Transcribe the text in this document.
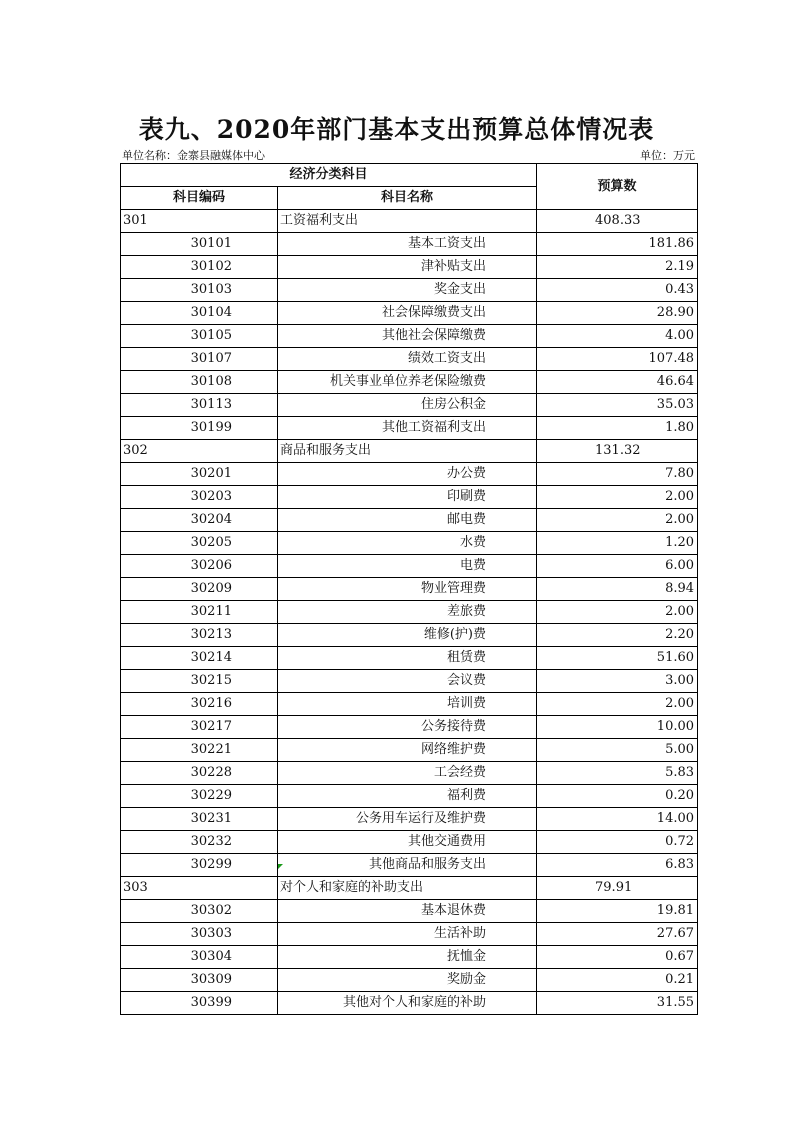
表九、2020年部门基本支出预算总体情况表
单位名称：金寨县融媒体中心	单位：万元
经济分类科目		预算数
科目编码	科目名称	
301	工资福利支出	408.33
30101	基本工资支出	181.86
30102	津补贴支出	2.19
30103	奖金支出	0.43
30104	社会保障缴费支出	28.90
30105	其他社会保障缴费	4.00
30107	绩效工资支出	107.48
30108	机关事业单位养老保险缴费	46.64
30113	住房公积金	35.03
30199	其他工资福利支出	1.80
302	商品和服务支出	131.32
30201	办公费	7.80
30203	印刷费	2.00
30204	邮电费	2.00
30205	水费	1.20
30206	电费	6.00
30209	物业管理费	8.94
30211	差旅费	2.00
30213	维修(护)费	2.20
30214	租赁费	51.60
30215	会议费	3.00
30216	培训费	2.00
30217	公务接待费	10.00
30221	网络维护费	5.00
30228	工会经费	5.83
30229	福利费	0.20
30231	公务用车运行及维护费	14.00
30232	其他交通费用	0.72
30299	其他商品和服务支出	6.83
303	对个人和家庭的补助支出	79.91
30302	基本退休费	19.81
30303	生活补助	27.67
30304	抚恤金	0.67
30309	奖励金	0.21
30399	其他对个人和家庭的补助	31.55
